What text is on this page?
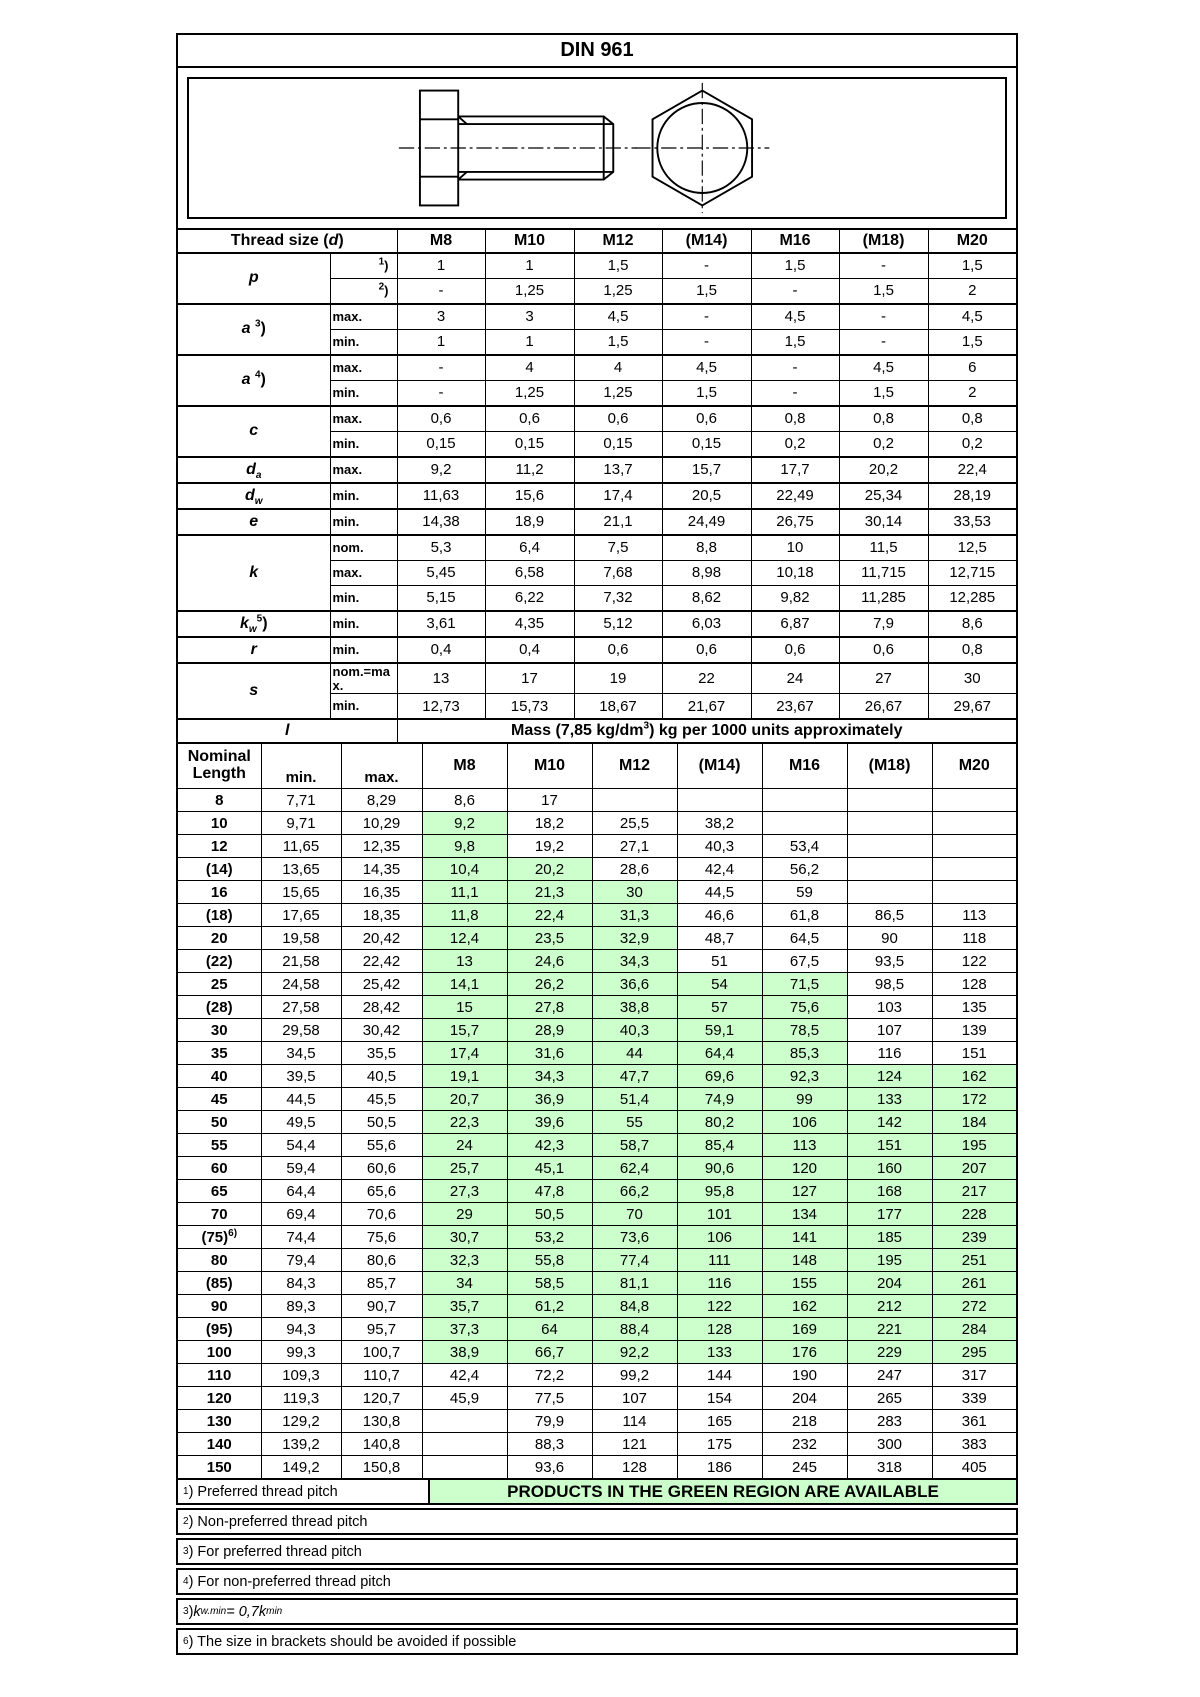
DIN 961
Thread size (d)		M8	M10	M12	(M14)	M16	(M18)	M20
p	$^1$)	1	1	1,5	-	1,5	-	1,5
	$^2$)	-	1,25	1,25	1,5	-	1,5	2
a $^3$)	max.	3	3	4,5	-	4,5	-	4,5
	min.	1	1	1,5	-	1,5	-	1,5
a $^4$)	max.	-	4	4	4,5	-	4,5	6
	min.	-	1,25	1,25	1,5	-	1,5	2
c	max.	0,6	0,6	0,6	0,6	0,8	0,8	0,8
	min.	0,15	0,15	0,15	0,15	0,2	0,2	0,2
$d_a$	max.	9,2	11,2	13,7	15,7	17,7	20,2	22,4
$d_w$	min.	11,63	15,6	17,4	20,5	22,49	25,34	28,19
e	min.	14,38	18,9	21,1	24,49	26,75	30,14	33,53
k	nom.	5,3	6,4	7,5	8,8	10	11,5	12,5
	max.	5,45	6,58	7,68	8,98	10,18	11,715	12,715
	min.	5,15	6,22	7,32	8,62	9,82	11,285	12,285
$k_w^5$)	min.	3,61	4,35	5,12	6,03	6,87	7,9	8,6
r	min.	0,4	0,4	0,6	0,6	0,6	0,6	0,8
s	nom.=max.	13	17	19	22	24	27	30
	min.	12,73	15,73	18,67	21,67	23,67	26,67	29,67
l		Mass (7,85 $kg/dm^3$) kg per 1000 units approximately						
Nominal Length	min.	max.	M8	M10	M12	(M14)	M16	(M18)	M20
8	7,71	8,29	8,6	17					
10	9,71	10,29	9,2	18,2	25,5	38,2			
12	11,65	12,35	9,8	19,2	27,1	40,3	53,4		
(14)	13,65	14,35	10,4	20,2	28,6	42,4	56,2		
16	15,65	16,35	11,1	21,3	30	44,5	59		
(18)	17,65	18,35	11,8	22,4	31,3	46,6	61,8	86,5	113
20	19,58	20,42	12,4	23,5	32,9	48,7	64,5	90	118
(22)	21,58	22,42	13	24,6	34,3	51	67,5	93,5	122
25	24,58	25,42	14,1	26,2	36,6	54	71,5	98,5	128
(28)	27,58	28,42	15	27,8	38,8	57	75,6	103	135
30	29,58	30,42	15,7	28,9	40,3	59,1	78,5	107	139
35	34,5	35,5	17,4	31,6	44	64,4	85,3	116	151
40	39,5	40,5	19,1	34,3	47,7	69,6	92,3	124	162
45	44,5	45,5	20,7	36,9	51,4	74,9	99	133	172
50	49,5	50,5	22,3	39,6	55	80,2	106	142	184
55	54,4	55,6	24	42,3	58,7	85,4	113	151	195
60	59,4	60,6	25,7	45,1	62,4	90,6	120	160	207
65	64,4	65,6	27,3	47,8	66,2	95,8	127	168	217
70	69,4	70,6	29	50,5	70	101	134	177	228
$(75)^{6)}$	74,4	75,6	30,7	53,2	73,6	106	141	185	239
80	79,4	80,6	32,3	55,8	77,4	111	148	195	251
(85)	84,3	85,7	34	58,5	81,1	116	155	204	261
90	89,3	90,7	35,7	61,2	84,8	122	162	212	272
(95)	94,3	95,7	37,3	64	88,4	128	169	221	284
100	99,3	100,7	38,9	66,7	92,2	133	176	229	295
110	109,3	110,7	42,4	72,2	99,2	144	190	247	317
120	119,3	120,7	45,9	77,5	107	154	204	265	339
130	129,2	130,8		79,9	114	165	218	283	361
140	139,2	140,8		88,3	121	175	232	300	383
150	149,2	150,8		93,6	128	186	245	318	405
1 ) Preferred thread pitch	PRODUCTS IN THE GREEN REGION ARE AVAILABLE
2 ) Non-preferred thread pitch
3 ) For preferred thread pitch
4 ) For non-preferred thread pitch
3 ) k w.min = 0,7 k min
6 ) The size in brackets should be avoided if possible
